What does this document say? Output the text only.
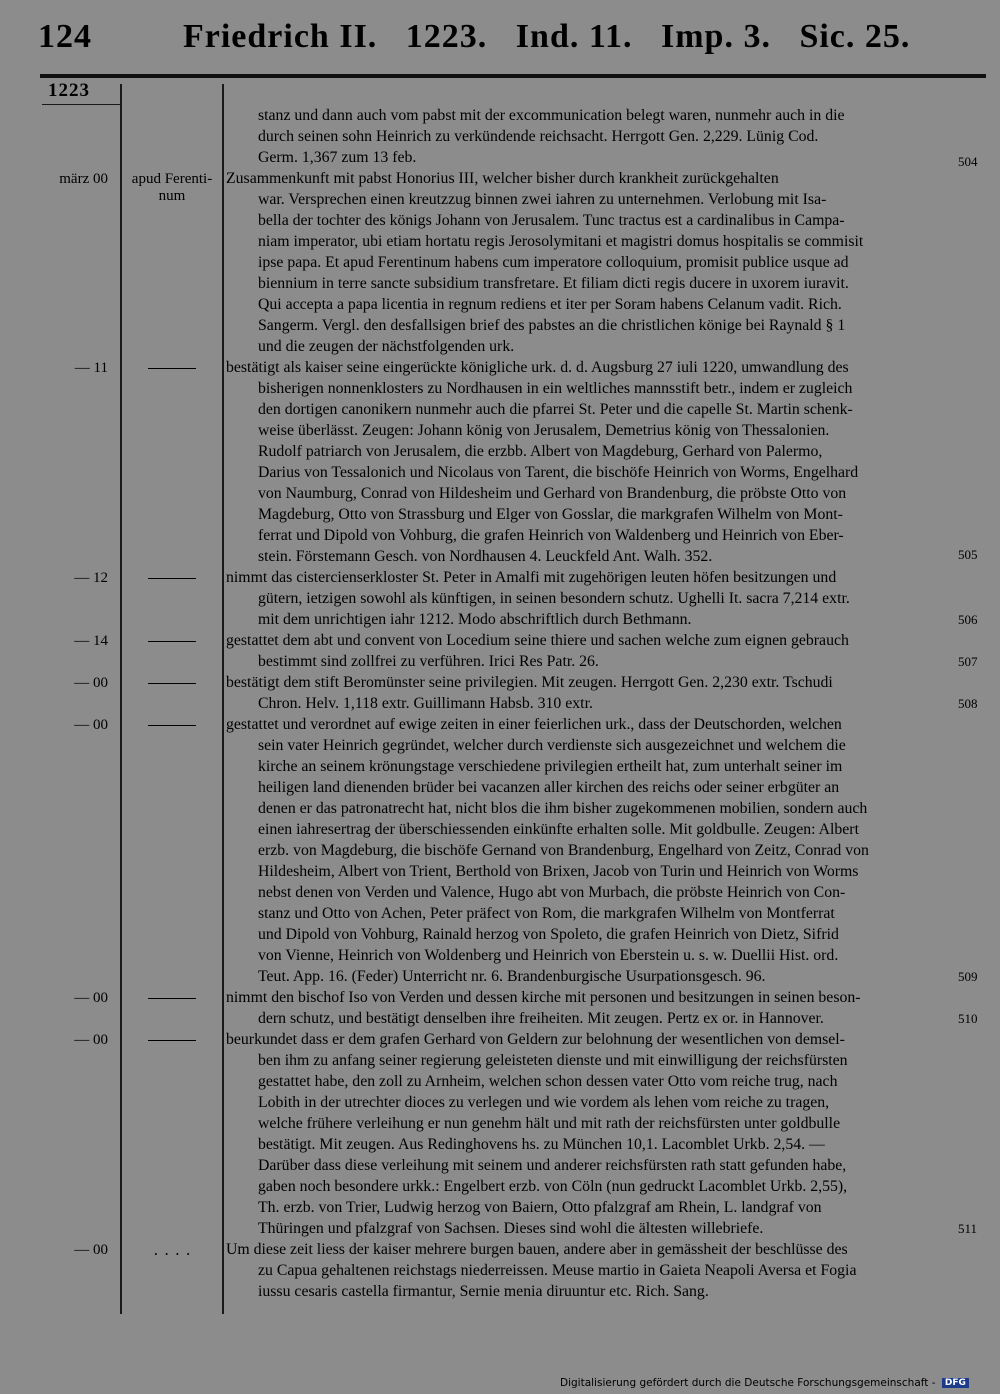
124	Friedrich II.   1223.   Ind. 11.   Imp. 3.   Sic. 25.
1223
stanz und dann auch vom pabst mit der excommunication belegt waren, nunmehr auch in die
durch seinen sohn Heinrich zu verkündende reichsacht. Herrgott Gen. 2,229. Lünig Cod.
Germ. 1,367 zum 13 feb.
Zusammenkunft mit pabst Honorius III, welcher bisher durch krankheit zurückgehalten
war. Versprechen einen kreutzzug binnen zwei iahren zu unternehmen. Verlobung mit Isa-
bella der tochter des königs Johann von Jerusalem. Tunc tractus est a cardinalibus in Campa-
niam imperator, ubi etiam hortatu regis Jerosolymitani et magistri domus hospitalis se commisit
ipse papa. Et apud Ferentinum habens cum imperatore colloquium, promisit publice usque ad
biennium in terre sancte subsidium transfretare. Et filiam dicti regis ducere in uxorem iuravit.
Qui accepta a papa licentia in regnum rediens et iter per Soram habens Celanum vadit. Rich.
Sangerm. Vergl. den desfallsigen brief des pabstes an die christlichen könige bei Raynald § 1
und die zeugen der nächstfolgenden urk.
bestätigt als kaiser seine eingerückte königliche urk. d. d. Augsburg 27 iuli 1220, umwandlung des
bisherigen nonnenklosters zu Nordhausen in ein weltliches mannsstift betr., indem er zugleich
den dortigen canonikern nunmehr auch die pfarrei St. Peter und die capelle St. Martin schenk-
weise überlässt. Zeugen: Johann könig von Jerusalem, Demetrius könig von Thessalonien.
Rudolf patriarch von Jerusalem, die erzbb. Albert von Magdeburg, Gerhard von Palermo,
Darius von Tessalonich und Nicolaus von Tarent, die bischöfe Heinrich von Worms, Engelhard
von Naumburg, Conrad von Hildesheim und Gerhard von Brandenburg, die pröbste Otto von
Magdeburg, Otto von Strassburg und Elger von Gosslar, die markgrafen Wilhelm von Mont-
ferrat und Dipold von Vohburg, die grafen Heinrich von Waldenberg und Heinrich von Eber-
stein. Förstemann Gesch. von Nordhausen 4. Leuckfeld Ant. Walh. 352.
nimmt das cistercienserkloster St. Peter in Amalfi mit zugehörigen leuten höfen besitzungen und
gütern, ietzigen sowohl als künftigen, in seinen besondern schutz. Ughelli It. sacra 7,214 extr.
mit dem unrichtigen iahr 1212. Modo abschriftlich durch Bethmann.
gestattet dem abt und convent von Locedium seine thiere und sachen welche zum eignen gebrauch
bestimmt sind zollfrei zu verführen. Irici Res Patr. 26.
bestätigt dem stift Beromünster seine privilegien. Mit zeugen. Herrgott Gen. 2,230 extr. Tschudi
Chron. Helv. 1,118 extr. Guillimann Habsb. 310 extr.
gestattet und verordnet auf ewige zeiten in einer feierlichen urk., dass der Deutschorden, welchen
sein vater Heinrich gegründet, welcher durch verdienste sich ausgezeichnet und welchem die
kirche an seinem krönungstage verschiedene privilegien ertheilt hat, zum unterhalt seiner im
heiligen land dienenden brüder bei vacanzen aller kirchen des reichs oder seiner erbgüter an
denen er das patronatrecht hat, nicht blos die ihm bisher zugekommenen mobilien, sondern auch
einen iahresertrag der überschiessenden einkünfte erhalten solle. Mit goldbulle. Zeugen: Albert
erzb. von Magdeburg, die bischöfe Gernand von Brandenburg, Engelhard von Zeitz, Conrad von
Hildesheim, Albert von Trient, Berthold von Brixen, Jacob von Turin und Heinrich von Worms
nebst denen von Verden und Valence, Hugo abt von Murbach, die pröbste Heinrich von Con-
stanz und Otto von Achen, Peter präfect von Rom, die markgrafen Wilhelm von Montferrat
und Dipold von Vohburg, Rainald herzog von Spoleto, die grafen Heinrich von Dietz, Sifrid
von Vienne, Heinrich von Woldenberg und Heinrich von Eberstein u. s. w. Duellii Hist. ord.
Teut. App. 16. (Feder) Unterricht nr. 6. Brandenburgische Usurpationsgesch. 96.
nimmt den bischof Iso von Verden und dessen kirche mit personen und besitzungen in seinen beson-
dern schutz, und bestätigt denselben ihre freiheiten. Mit zeugen. Pertz ex or. in Hannover.
beurkundet dass er dem grafen Gerhard von Geldern zur belohnung der wesentlichen von demsel-
ben ihm zu anfang seiner regierung geleisteten dienste und mit einwilligung der reichsfürsten
gestattet habe, den zoll zu Arnheim, welchen schon dessen vater Otto vom reiche trug, nach
Lobith in der utrechter dioces zu verlegen und wie vordem als lehen vom reiche zu tragen,
welche frühere verleihung er nun genehm hält und mit rath der reichsfürsten unter goldbulle
bestätigt. Mit zeugen. Aus Redinghovens hs. zu München 10,1. Lacomblet Urkb. 2,54. —
Darüber dass diese verleihung mit seinem und anderer reichsfürsten rath statt gefunden habe,
gaben noch besondere urkk.: Engelbert erzb. von Cöln (nun gedruckt Lacomblet Urkb. 2,55),
Th. erzb. von Trier, Ludwig herzog von Baiern, Otto pfalzgraf am Rhein, L. landgraf von
Thüringen und pfalzgraf von Sachsen. Dieses sind wohl die ältesten willebriefe.
Um diese zeit liess der kaiser mehrere burgen bauen, andere aber in gemässheit der beschlüsse des
zu Capua gehaltenen reichstags niederreissen. Meuse martio in Gaieta Neapoli Aversa et Fogia
iussu cesaris castella firmantur, Sernie menia diruuntur etc. Rich. Sang.
märz 00
— 11
— 12
— 14
— 00
— 00
— 00
— 00
— 00
apud Ferenti-
num
....
504
505
506
507
508
509
510
511
Digitalisierung gefördert durch die Deutsche Forschungsgemeinschaft - DFG
